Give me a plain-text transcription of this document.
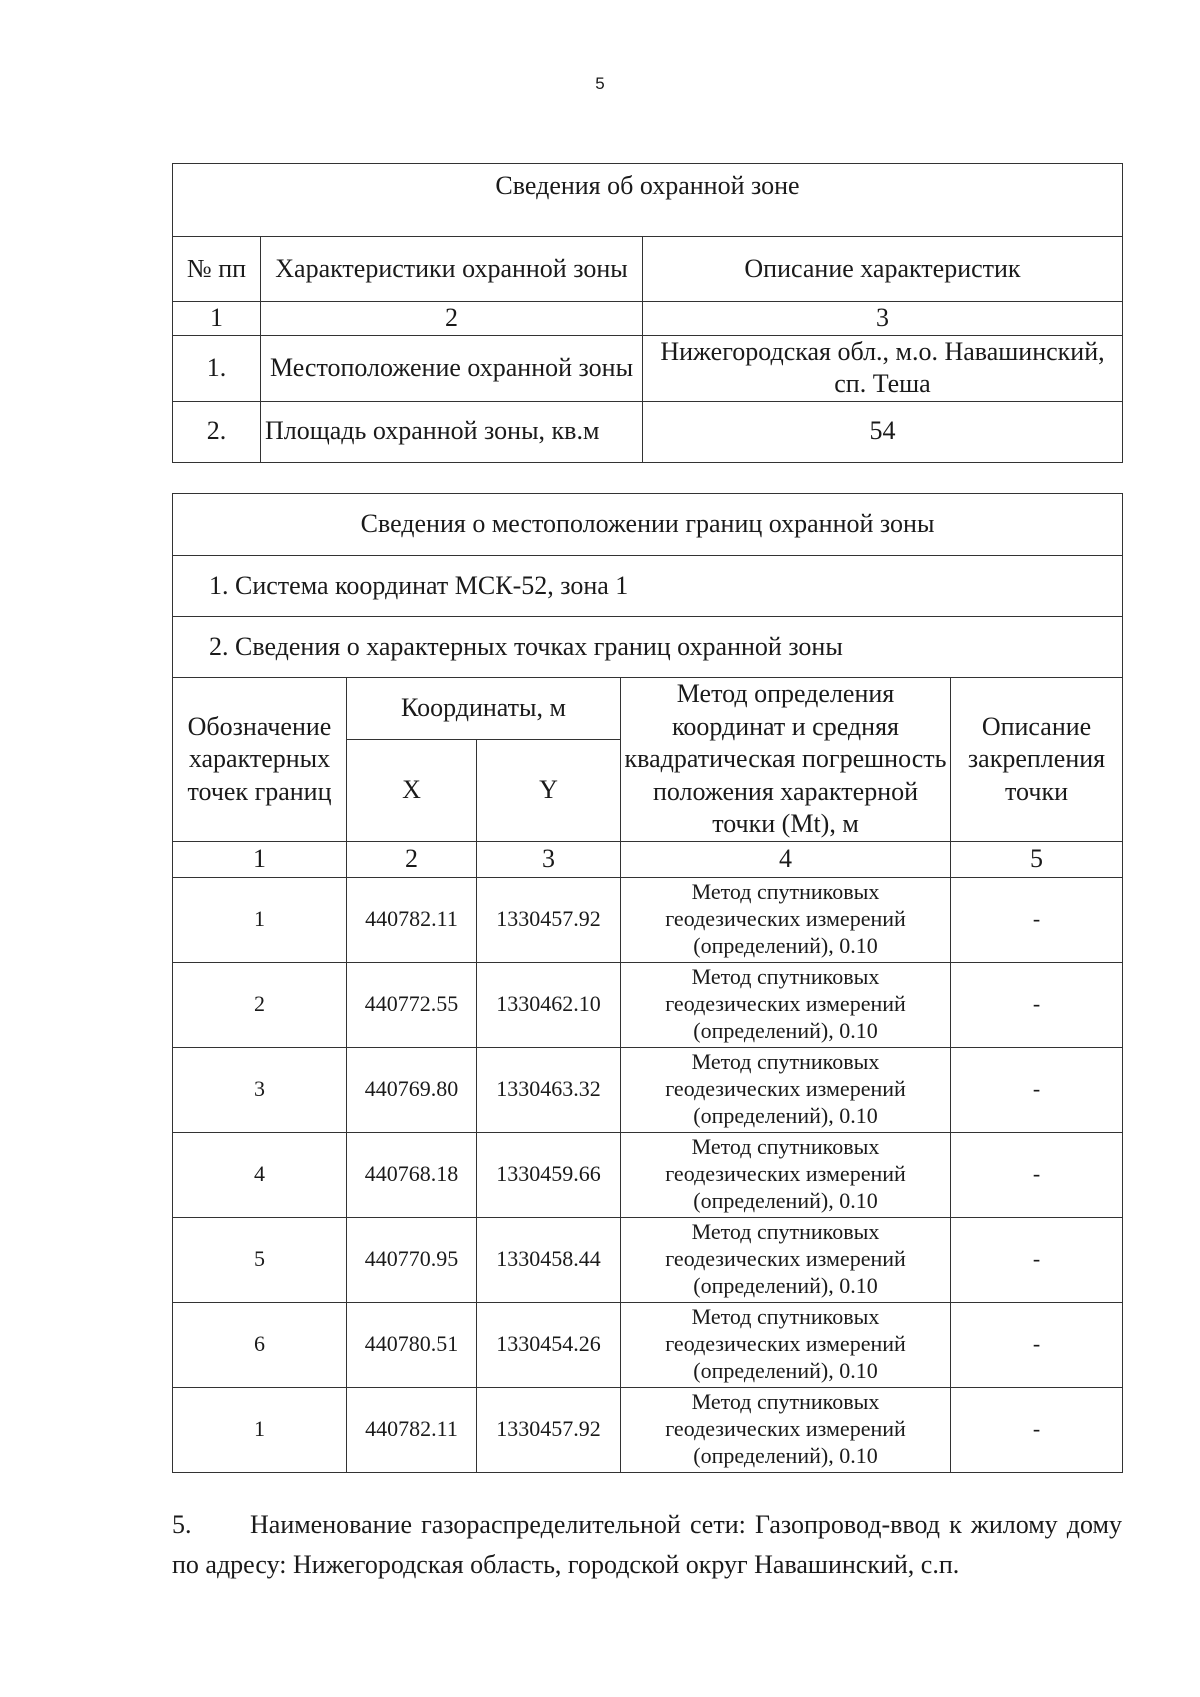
5
Сведения об охранной зоне		
№ пп	Характеристики охранной зоны	Описание характеристик
1	2	3
1.	Местоположение охранной зоны	Нижегородская обл., м.о. Навашинский, сп. Теша
2.	Площадь охранной зоны, кв.м	54
Сведения о местоположении границ охранной зоны				
1. Система координат МСК-52, зона 1				
2. Сведения о характерных точках границ охранной зоны				
Обозначение характерных точек границ	Координаты, м		Метод определения координат и средняя квадратическая погрешность положения характерной точки (Mt), м	Описание закрепления точки
	X	Y		
1	2	3	4	5
1	440782.11	1330457.92	Метод спутниковых геодезических измерений (определений), 0.10	-
2	440772.55	1330462.10	Метод спутниковых геодезических измерений (определений), 0.10	-
3	440769.80	1330463.32	Метод спутниковых геодезических измерений (определений), 0.10	-
4	440768.18	1330459.66	Метод спутниковых геодезических измерений (определений), 0.10	-
5	440770.95	1330458.44	Метод спутниковых геодезических измерений (определений), 0.10	-
6	440780.51	1330454.26	Метод спутниковых геодезических измерений (определений), 0.10	-
1	440782.11	1330457.92	Метод спутниковых геодезических измерений (определений), 0.10	-
5. Наименование газораспределительной сети: Газопровод-ввод к жилому дому по адресу: Нижегородская область, городской округ Навашинский, с.п.
